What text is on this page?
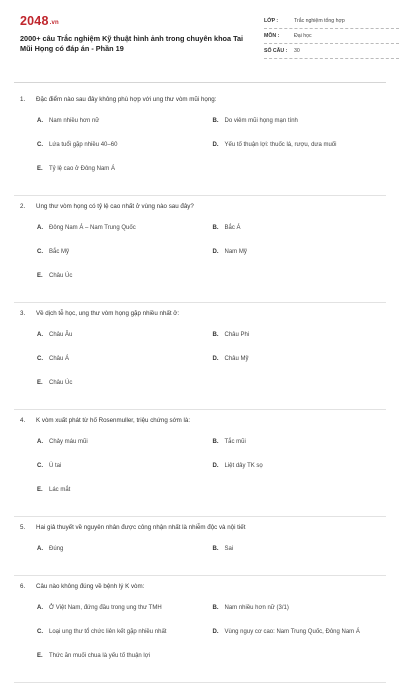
2048.vn
2000+ câu Trắc nghiệm Kỹ thuật hình ảnh trong chuyên khoa Tai Mũi Họng có đáp án - Phần 19
LỚP :	Trắc nghiệm tổng hợp
MÔN :	Đại học
SỐ CÂU :	30
1.	Đặc điểm nào sau đây không phù hợp với ung thư vòm mũi họng:
A.	Nam nhiều hơn nữ	B.	Do viêm mũi họng mạn tính
C.	Lứa tuổi gặp nhiều 40–60	D.	Yếu tố thuận lợi: thuốc lá, rượu, dưa muối
E.	Tỷ lệ cao ở Đông Nam Á
2.	Ung thư vòm họng có tỷ lệ cao nhất ở vùng nào sau đây?
A.	Đông Nam Á – Nam Trung Quốc	B.	Bắc Á
C.	Bắc Mỹ	D.	Nam Mỹ
E.	Châu Úc
3.	Về dịch tễ học, ung thư vòm họng gặp nhiều nhất ở:
A.	Châu Âu	B.	Châu Phi
C.	Châu Á	D.	Châu Mỹ
E.	Châu Úc
4.	K vòm xuất phát từ hố Rosenmuller, triệu chứng sớm là:
A.	Chảy máu mũi	B.	Tắc mũi
C.	Ù tai	D.	Liệt dây TK sọ
E.	Lác mắt
5.	Hai giả thuyết về nguyên nhân được công nhận nhất là nhiễm độc và nội tiết
A.	Đúng	B.	Sai
6.	Câu nào không đúng về bệnh lý K vòm:
A.	Ở Việt Nam, đứng đầu trong ung thư TMH	B.	Nam nhiều hơn nữ (3/1)
C.	Loại ung thư tổ chức liên kết gặp nhiều nhất	D.	Vùng nguy cơ cao: Nam Trung Quốc, Đông Nam Á
E.	Thức ăn muối chua là yếu tố thuận lợi
